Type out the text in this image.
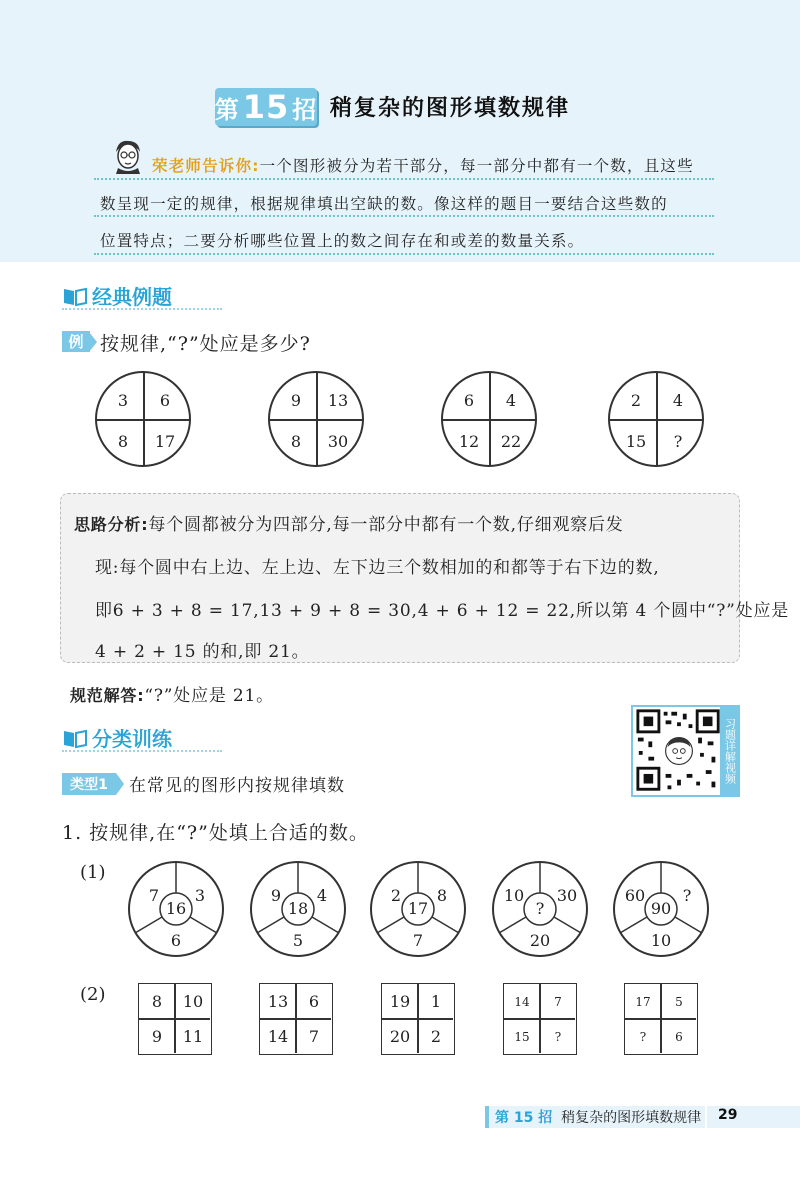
第 15 招 稍复杂的图形填数规律
荣老师告诉你:一个图形被分为若干部分，每一部分中都有一个数，且这些
数呈现一定的规律，根据规律填出空缺的数。像这样的题目一要结合这些数的
位置特点；二要分析哪些位置上的数之间存在和或差的数量关系。
经典例题
例 按规律,“?”处应是多少?
3	6
8	17
9	13
8	30
6	4
12	22
2	4
15	?
思路分析:每个圆都被分为四部分,每一部分中都有一个数,仔细观察后发
现:每个圆中右上边、左上边、左下边三个数相加的和都等于右下边的数,
即6 + 3 + 8 = 17,13 + 9 + 8 = 30,4 + 6 + 12 = 22,所以第 4 个圆中“?”处应是
4 + 2 + 15 的和,即 21。
规范解答:“?”处应是 21。
习题详解视频
分类训练
类型1	在常见的图形内按规律填数
1. 按规律,在“?”处填上合适的数。
(1)
(2)
7
16
3
6
9
18
4
5
2
17
8
7
10
?
30
20
60
90
?
10
8	10
9	11
13	6
14	7
19	1
20	2
14	7
15	?
17	5
?	6
第 15 招 稍复杂的图形填数规律 29
